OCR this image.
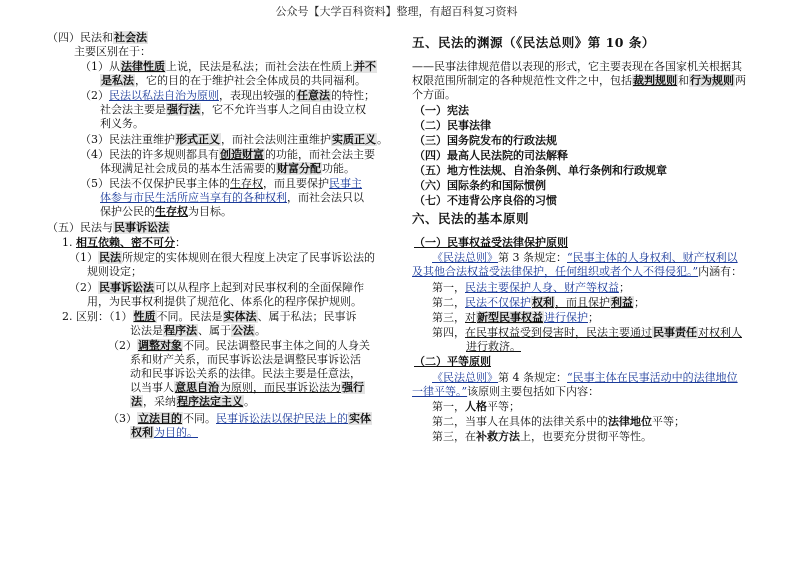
公众号【大学百科资料】整理，有超百科复习资料
（四）民法和社会法
主要区别在于：
（1）从法律性质上说，民法是私法；而社会法在性质上并不
是私法，它的目的在于维护社会全体成员的共同福利。
（2）民法以私法自治为原则，表现出较强的任意法的特性；
社会法主要是强行法，它不允许当事人之间自由设立权
利义务。
（3）民法注重维护形式正义，而社会法则注重维护实质正义。
（4）民法的许多规则都具有创造财富的功能，而社会法主要
体现满足社会成员的基本生活需要的财富分配功能。
（5）民法不仅保护民事主体的生存权，而且要保护民事主
体参与市民生活所应当享有的各种权利，而社会法只以
保护公民的生存权为目标。
（五）民法与民事诉讼法
1. 相互依赖、密不可分：
（1）民法所规定的实体规则在很大程度上决定了民事诉讼法的
规则设定；
（2）民事诉讼法可以从程序上起到对民事权利的全面保障作
用，为民事权利提供了规范化、体系化的程序保护规则。
2. 区别：（1）性质不同。民法是实体法、属于私法；民事诉
讼法是程序法、属于公法。
（2）调整对象不同。民法调整民事主体之间的人身关
系和财产关系，而民事诉讼法是调整民事诉讼活
动和民事诉讼关系的法律。民法主要是任意法，
以当事人意思自治为原则，而民事诉讼法为强行
法，采纳程序法定主义。
（3）立法目的不同。民事诉讼法以保护民法上的实体
权利为目的。
五、民法的渊源（《民法总则》第 10 条）
——民事法律规范借以表现的形式，它主要表现在各国家机关根据其
权限范围所制定的各种规范性文件之中，包括裁判规则和行为规则两
个方面。
（一）宪法
（二）民事法律
（三）国务院发布的行政法规
（四）最高人民法院的司法解释
（五）地方性法规、自治条例、单行条例和行政规章
（六）国际条约和国际惯例
（七）不违背公序良俗的习惯
六、民法的基本原则
（一）民事权益受法律保护原则
《民法总则》第 3 条规定：“民事主体的人身权利、财产权利以
及其他合法权益受法律保护，任何组织或者个人不得侵犯。”内涵有：
第一，民法主要保护人身、财产等权益；
第二，民法不仅保护权利，而且保护利益；
第三，对新型民事权益进行保护；
第四，在民事权益受到侵害时，民法主要通过民事责任对权利人
进行救济。
（二）平等原则
《民法总则》第 4 条规定：“民事主体在民事活动中的法律地位
一律平等。”该原则主要包括如下内容：
第一，人格平等；
第二，当事人在具体的法律关系中的法律地位平等；
第三，在补救方法上，也要充分贯彻平等性。
